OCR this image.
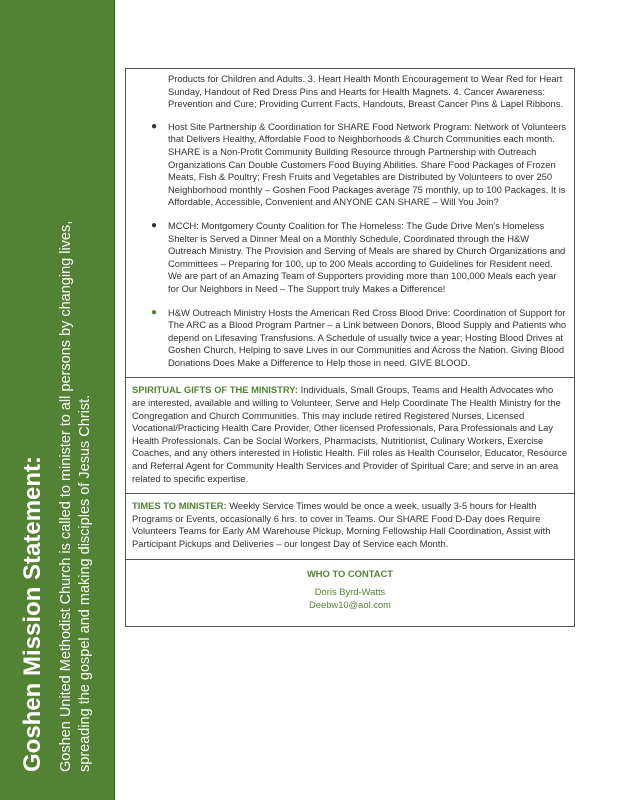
Goshen Mission Statement: Goshen United Methodist Church is called to minister to all persons by changing lives, spreading the gospel and making disciples of Jesus Christ.
Products for Children and Adults. 3. Heart Health Month Encouragement to Wear Red for Heart Sunday, Handout of Red Dress Pins and Hearts for Health Magnets. 4. Cancer Awareness: Prevention and Cure; Providing Current Facts, Handouts, Breast Cancer Pins & Lapel Ribbons.
● Host Site Partnership & Coordination for SHARE Food Network Program: Network of Volunteers that Delivers Healthy, Affordable Food to Neighborhoods & Church Communities each month. SHARE is a Non-Profit Community Building Resource through Partnership with Outreach Organizations Can Double Customers Food Buying Abilities. Share Food Packages of Frozen Meats, Fish & Poultry; Fresh Fruits and Vegetables are Distributed by Volunteers to over 250 Neighborhood monthly – Goshen Food Packages average 75 monthly, up to 100 Packages. It is Affordable, Accessible, Convenient and ANYONE CAN SHARE – Will You Join?
● MCCH: Montgomery County Coalition for The Homeless: The Gude Drive Men’s Homeless Shelter is Served a Dinner Meal on a Monthly Schedule, Coordinated through the H&W Outreach Ministry. The Provision and Serving of Meals are shared by Church Organizations and Committees – Preparing for 100, up to 200 Meals according to Guidelines for Resident need. We are part of an Amazing Team of Supporters providing more than 100,000 Meals each year for Our Neighbors in Need – The Support truly Makes a Difference!
● H&W Outreach Ministry Hosts the American Red Cross Blood Drive: Coordination of Support for The ARC as a Blood Program Partner – a Link between Donors, Blood Supply and Patients who depend on Lifesaving Transfusions. A Schedule of usually twice a year; Hosting Blood Drives at Goshen Church, Helping to save Lives in our Communities and Across the Nation. Giving Blood Donations Does Make a Difference to Help those in need. GIVE BLOOD.
SPIRITUAL GIFTS OF THE MINISTRY: Individuals, Small Groups, Teams and Health Advocates who are interested, available and willing to Volunteer, Serve and Help Coordinate The Health Ministry for the Congregation and Church Communities. This may include retired Registered Nurses, Licensed Vocational/Practicing Health Care Provider, Other licensed Professionals, Para Professionals and Lay Health Professionals. Can be Social Workers, Pharmacists, Nutritionist, Culinary Workers, Exercise Coaches, and any others interested in Holistic Health. Fill roles as Health Counselor, Educator, Resource and Referral Agent for Community Health Services and Provider of Spiritual Care; and serve in an area related to specific expertise.
TIMES TO MINISTER: Weekly Service Times would be once a week, usually 3-5 hours for Health Programs or Events, occasionally 6 hrs. to cover in Teams. Our SHARE Food D-Day does Require Volunteers Teams for Early AM Warehouse Pickup, Morning Fellowship Hall Coordination, Assist with Participant Pickups and Deliveries – our longest Day of Service each Month.
WHO TO CONTACT
Doris Byrd-Watts
Deebw10@aol.com
